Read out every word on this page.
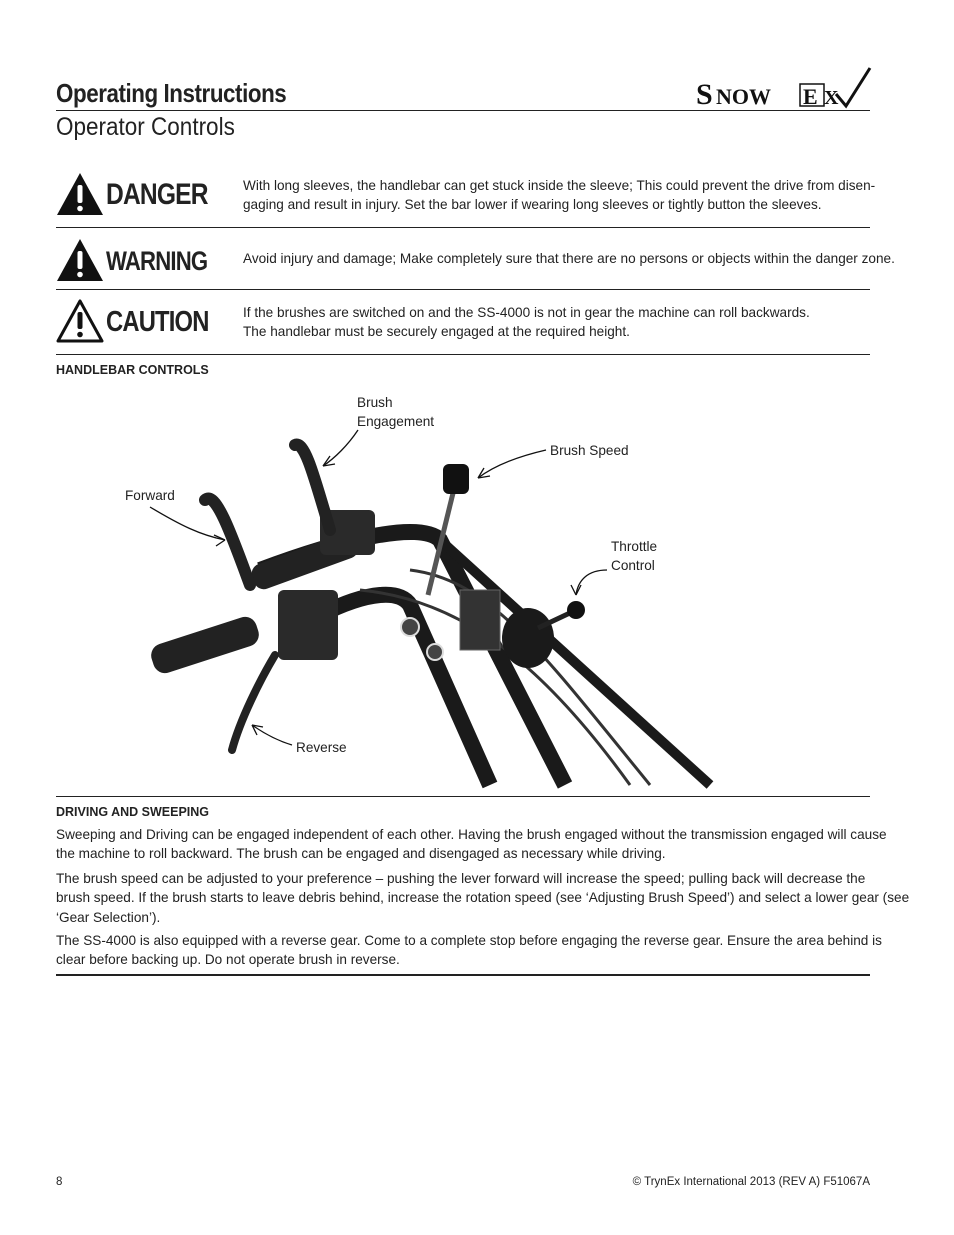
Operating Instructions	S NOW E X
Operator Controls
DANGER	With long sleeves, the handlebar can get stuck inside the sleeve; This could prevent the drive from disen-

gaging and result in injury. Set the bar lower if wearing long sleeves or tightly button the sleeves.

WARNING	Avoid injury and damage; Make completely sure that there are no persons or objects within the danger zone.

CAUTION	If the brushes are switched on and the SS-4000 is not in gear the machine can roll backwards.

The handlebar must be securely engaged at the required height.

HANDLEBAR CONTROLS
Brush
Engagement
Brush Speed
Forward
Throttle
Control
Reverse
DRIVING AND SWEEPING

Sweeping and Driving can be engaged independent of each other. Having the brush engaged without the transmission engaged will cause

the machine to roll backward. The brush can be engaged and disengaged as necessary while driving.

The brush speed can be adjusted to your preference – pushing the lever forward will increase the speed; pulling back will decrease the

brush speed. If the brush starts to leave debris behind, increase the rotation speed (see ‘Adjusting Brush Speed’) and select a lower gear (see

‘Gear Selection’).

The SS-4000 is also equipped with a reverse gear. Come to a complete stop before engaging the reverse gear. Ensure the area behind is

clear before backing up. Do not operate brush in reverse.

8	© TrynEx International 2013 (REV A) F51067A
